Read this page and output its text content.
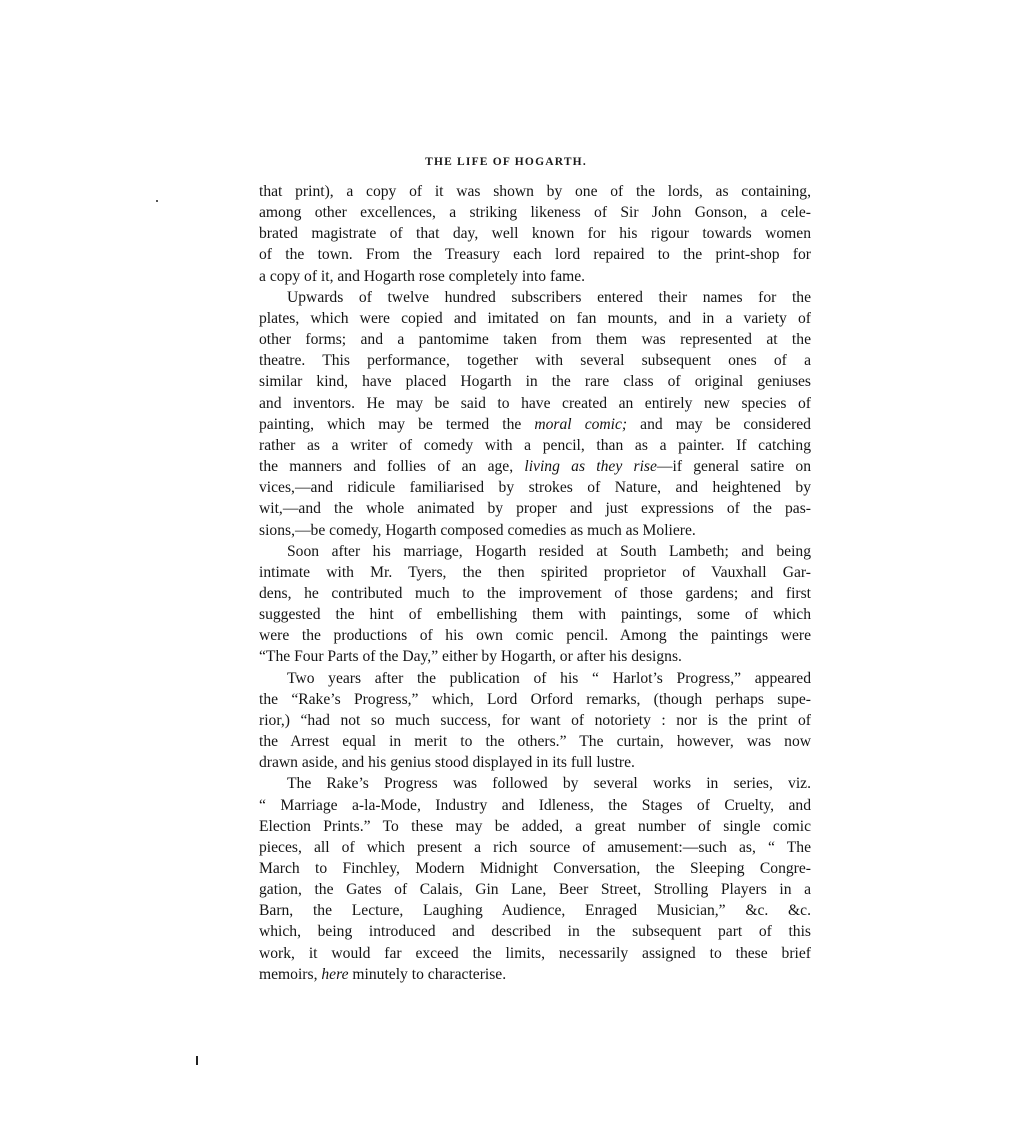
THE LIFE OF HOGARTH.

that print), a copy of it was shown by one of the lords, as containing,
among other excellences, a striking likeness of Sir John Gonson, a cele-
brated magistrate of that day, well known for his rigour towards women
of the town. From the Treasury each lord repaired to the print-shop for
a copy of it, and Hogarth rose completely into fame.

Upwards of twelve hundred subscribers entered their names for the
plates, which were copied and imitated on fan mounts, and in a variety of
other forms; and a pantomime taken from them was represented at the
theatre. This performance, together with several subsequent ones of a
similar kind, have placed Hogarth in the rare class of original geniuses
and inventors. He may be said to have created an entirely new species of
painting, which may be termed the moral comic; and may be considered
rather as a writer of comedy with a pencil, than as a painter. If catching
the manners and follies of an age, living as they rise—if general satire on
vices,—and ridicule familiarised by strokes of Nature, and heightened by
wit,—and the whole animated by proper and just expressions of the pas-
sions,—be comedy, Hogarth composed comedies as much as Moliere.

Soon after his marriage, Hogarth resided at South Lambeth; and being
intimate with Mr. Tyers, the then spirited proprietor of Vauxhall Gar-
dens, he contributed much to the improvement of those gardens; and first
suggested the hint of embellishing them with paintings, some of which
were the productions of his own comic pencil. Among the paintings were
“The Four Parts of the Day,” either by Hogarth, or after his designs.

Two years after the publication of his “ Harlot’s Progress,” appeared
the “Rake’s Progress,” which, Lord Orford remarks, (though perhaps supe-
rior,) “had not so much success, for want of notoriety : nor is the print of
the Arrest equal in merit to the others.” The curtain, however, was now
drawn aside, and his genius stood displayed in its full lustre.

The Rake’s Progress was followed by several works in series, viz.
“ Marriage a-la-Mode, Industry and Idleness, the Stages of Cruelty, and
Election Prints.” To these may be added, a great number of single comic
pieces, all of which present a rich source of amusement:—such as, “ The
March to Finchley, Modern Midnight Conversation, the Sleeping Congre-
gation, the Gates of Calais, Gin Lane, Beer Street, Strolling Players in a
Barn, the Lecture, Laughing Audience, Enraged Musician,” &c. &c.
which, being introduced and described in the subsequent part of this
work, it would far exceed the limits, necessarily assigned to these brief
memoirs, here minutely to characterise.
